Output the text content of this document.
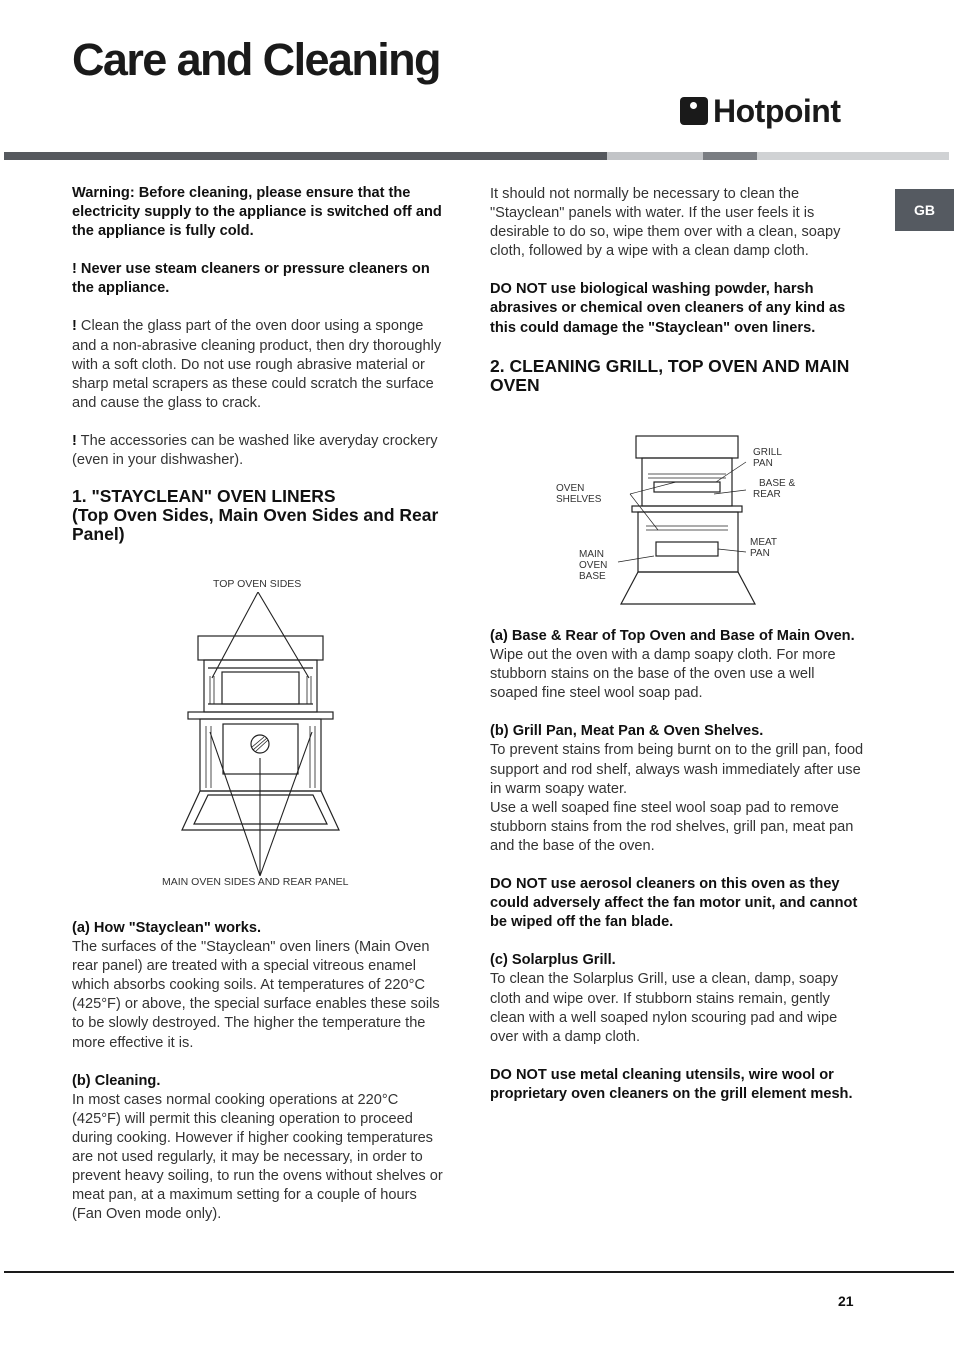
Care and Cleaning
Hotpoint
GB

Warning: Before cleaning, please ensure that the electricity supply to the appliance is switched off and the appliance is fully cold.

! Never use steam cleaners or pressure cleaners on the appliance.

! Clean the glass part of the oven door using a sponge and a non-abrasive cleaning product, then dry thoroughly with a soft cloth. Do not use rough abrasive material or sharp metal scrapers as these could scratch the surface and cause the glass to crack.

! The accessories can be washed like averyday crockery (even in your dishwasher).

1. "STAYCLEAN" OVEN LINERS
(Top Oven Sides, Main Oven Sides and Rear Panel)
TOP OVEN SIDES
MAIN OVEN SIDES AND REAR PANEL
(a) How "Stayclean" works.

The surfaces of the "Stayclean" oven liners (Main Oven rear panel) are treated with a special vitreous enamel which absorbs cooking soils. At temperatures of 220°C (425°F) or above, the special surface enables these soils to be slowly destroyed. The higher the temperature the more effective it is.

(b) Cleaning.

In most cases normal cooking operations at 220°C (425°F) will permit this cleaning operation to proceed during cooking. However if higher cooking temperatures are not used regularly, it may be necessary, in order to prevent heavy soiling, to run the ovens without shelves or meat pan, at a maximum setting for a couple of hours (Fan Oven mode only).

It should not normally be necessary to clean the "Stayclean" panels with water. If the user feels it is desirable to do so, wipe them over with a clean, soapy cloth, followed by a wipe with a clean damp cloth.

DO NOT use biological washing powder, harsh abrasives or chemical oven cleaners of any kind as this could damage the "Stayclean" oven liners.

2. CLEANING GRILL, TOP OVEN AND MAIN OVEN
GRILL
PAN
BASE &
REAR
OVEN
SHELVES
MEAT
PAN
MAIN
OVEN
BASE
(a) Base & Rear of Top Oven and Base of Main Oven.

Wipe out the oven with a damp soapy cloth. For more stubborn stains on the base of the oven use a well soaped fine steel wool soap pad.

(b) Grill Pan, Meat Pan & Oven Shelves.
To prevent stains from being burnt on to the grill pan, food support and rod shelf, always wash immediately after use in warm soapy water.

Use a well soaped fine steel wool soap pad to remove stubborn stains from the rod shelves, grill pan, meat pan and the base of the oven.

DO NOT use aerosol cleaners on this oven as they could adversely affect the fan motor unit, and cannot be wiped off the fan blade.

(c) Solarplus Grill.

To clean the Solarplus Grill, use a clean, damp, soapy cloth and wipe over. If stubborn stains remain, gently clean with a well soaped nylon scouring pad and wipe over with a damp cloth.

DO NOT use metal cleaning utensils, wire wool or proprietary oven cleaners on the grill element mesh.

21
